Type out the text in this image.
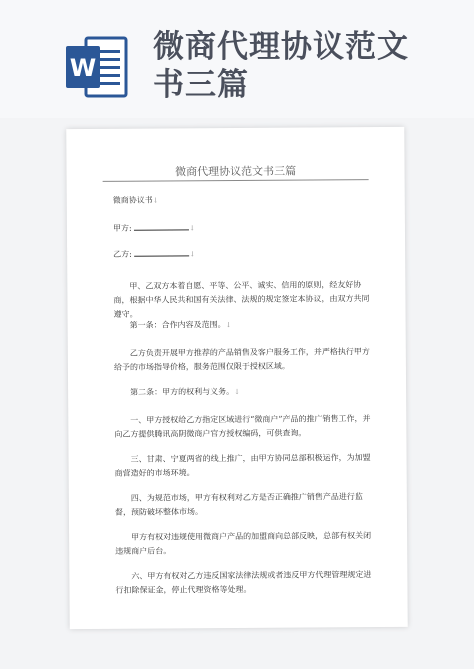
W
微商代理协议范文
书三篇

微商代理协议范文书三篇

微商协议书↓

甲方:	↓

乙方:	↓

甲、乙双方本着自愿、平等、公平、诚实、信用的原则，经友好协商，根据中华人民共和国有关法律、法规的规定签定本协议，由双方共同遵守。

第一条：合作内容及范围。↓

乙方负责开展甲方推荐的产品销售及客户服务工作，并严格执行甲方给予的市场指导价格，服务范围仅限于授权区域。

第二条：甲方的权利与义务。↓

一、甲方授权给乙方指定区域进行“微商户”产品的推广销售工作，并向乙方提供腾讯高阴微商户官方授权编码，可供查询。

三、甘肃、宁夏两省的线上推广，由甲方协同总部积极运作，为加盟商营造好的市场环境。

四、为规范市场，甲方有权利对乙方是否正确推广销售产品进行监督，预防破坏整体市场。

甲方有权对违规使用微商户产品的加盟商向总部反映，总部有权关闭违规商户后台。

六、甲方有权对乙方违反国家法律法规或者违反甲方代理管理规定进行扣除保证金，停止代理资格等处理。
